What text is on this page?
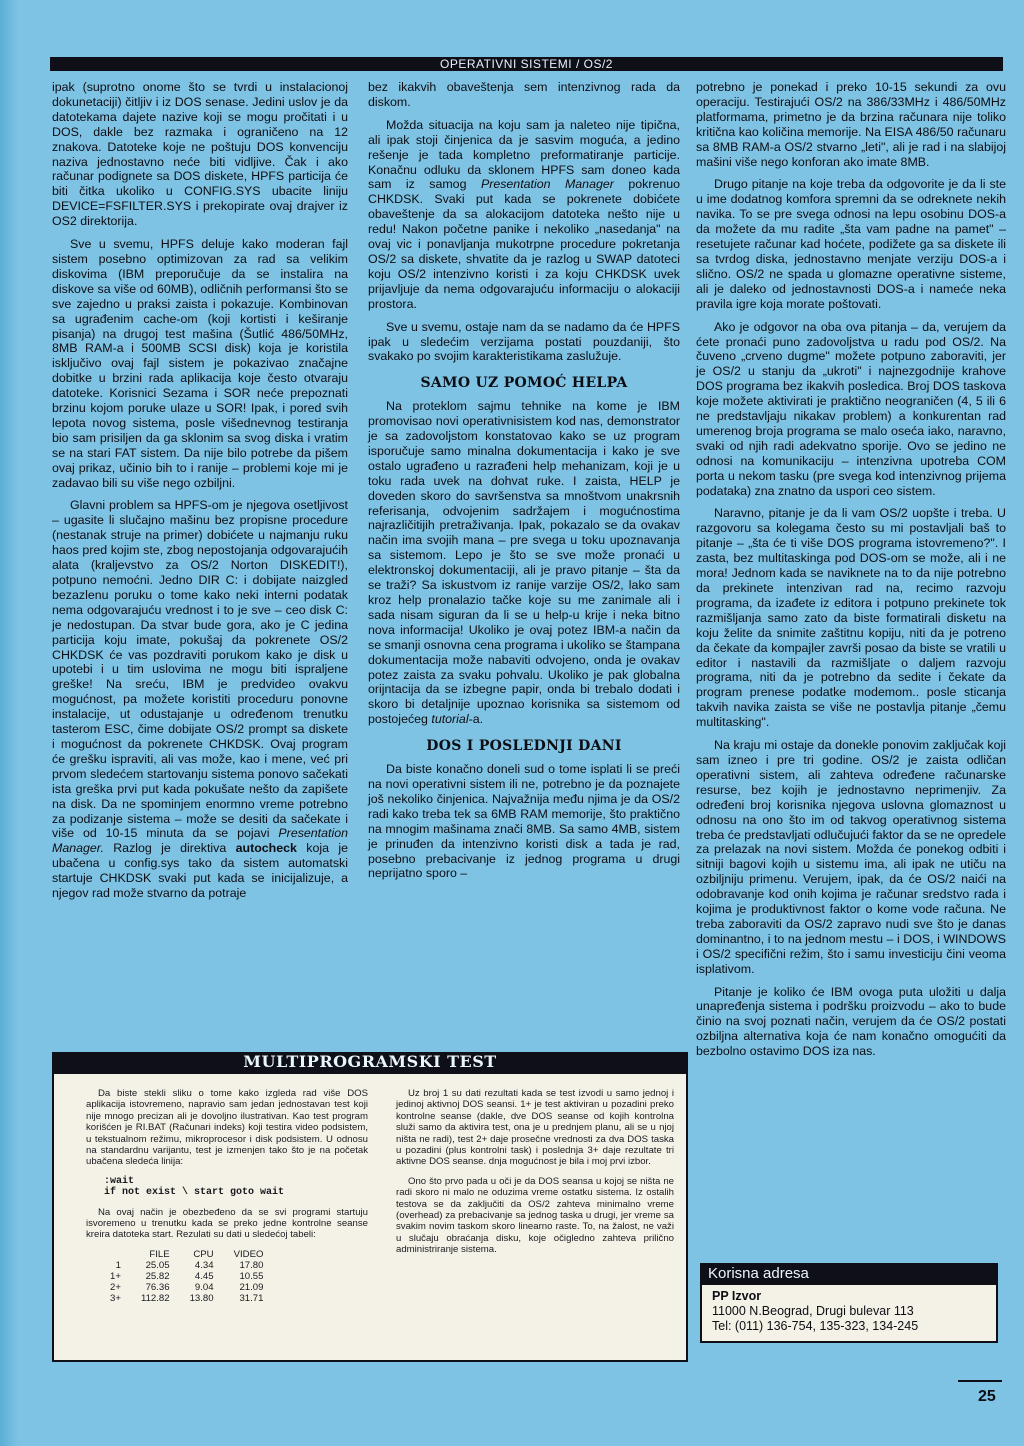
OPERATIVNI SISTEMI / OS/2

ipak (suprotno onome što se tvrdi u instalacionoj dokunetaciji) čitljiv i iz DOS senase. Jedini uslov je da datotekama dajete nazive koji se mogu pročitati i u DOS, dakle bez razmaka i ograničeno na 12 znakova. Datoteke koje ne poštuju DOS konvenciju naziva jednostavno neće biti vidljive. Čak i ako računar podignete sa DOS diskete, HPFS particija će biti čitka ukoliko u CONFIG.SYS ubacite liniju DEVICE=FSFILTER.SYS i prekopirate ovaj drajver iz OS2 direktorija.

Sve u svemu, HPFS deluje kako moderan fajl sistem posebno optimizovan za rad sa velikim diskovima (IBM preporučuje da se instalira na diskove sa više od 60MB), odličnih performansi što se sve zajedno u praksi zaista i pokazuje. Kombinovan sa ugrađenim cache-om (koji kortisti i keširanje pisanja) na drugoj test mašina (Šutlić 486/50MHz, 8MB RAM-a i 500MB SCSI disk) koja je koristila isključivo ovaj fajl sistem je pokazivao značajne dobitke u brzini rada aplikacija koje često otvaraju datoteke. Korisnici Sezama i SOR neće prepoznati brzinu kojom poruke ulaze u SOR! Ipak, i pored svih lepota novog sistema, posle višednevnog testiranja bio sam prisiljen da ga sklonim sa svog diska i vratim se na stari FAT sistem. Da nije bilo potrebe da pišem ovaj prikaz, učinio bih to i ranije – problemi koje mi je zadavao bili su više nego ozbiljni.

Glavni problem sa HPFS-om je njegova osetljivost – ugasite li slučajno mašinu bez propisne procedure (nestanak struje na primer) dobićete u najmanju ruku haos pred kojim ste, zbog nepostojanja odgovarajućih alata (kraljevstvo za OS/2 Norton DISKEDIT!), potpuno nemoćni. Jedno DIR C: i dobijate naizgled bezazlenu poruku o tome kako neki interni podatak nema odgovarajuću vrednost i to je sve – ceo disk C: je nedostupan. Da stvar bude gora, ako je C jedina particija koju imate, pokušaj da pokrenete OS/2 CHKDSK će vas pozdraviti porukom kako je disk u upotebi i u tim uslovima ne mogu biti ispraljene greške! Na sreću, IBM je predvideo ovakvu mogućnost, pa možete koristiti proceduru ponovne instalacije, ut odustajanje u određenom trenutku tasterom ESC, čime dobijate OS/2 prompt sa diskete i mogućnost da pokrenete CHKDSK. Ovaj program će grešku ispraviti, ali vas može, kao i mene, već pri prvom sledećem startovanju sistema ponovo sačekati ista greška prvi put kada pokušate nešto da zapišete na disk. Da ne spominjem enormno vreme potrebno za podizanje sistema – može se desiti da sačekate i više od 10-15 minuta da se pojavi Presentation Manager. Razlog je direktiva autocheck koja je ubačena u config.sys tako da sistem automatski startuje CHKDSK svaki put kada se inicijalizuje, a njegov rad može stvarno da potraje

bez ikakvih obaveštenja sem intenzivnog rada da diskom.

Možda situacija na koju sam ja naleteo nije tipična, ali ipak stoji činjenica da je sasvim moguća, a jedino rešenje je tada kompletno preformatiranje particije. Konačnu odluku da sklonem HPFS sam doneo kada sam iz samog Presentation Manager pokrenuo CHKDSK. Svaki put kada se pokrenete dobićete obaveštenje da sa alokacijom datoteka nešto nije u redu! Nakon početne panike i nekoliko „nasedanja" na ovaj vic i ponavljanja mukotrpne procedure pokretanja OS/2 sa diskete, shvatite da je razlog u SWAP datoteci koju OS/2 intenzivno koristi i za koju CHKDSK uvek prijavljuje da nema odgovarajuću informaciju o alokaciji prostora.

Sve u svemu, ostaje nam da se nadamo da će HPFS ipak u sledećim verzijama postati pouzdaniji, što svakako po svojim karakteristikama zaslužuje.

SAMO UZ POMOĆ HELPA

Na proteklom sajmu tehnike na kome je IBM promovisao novi operativnisistem kod nas, demonstrator je sa zadovoljstom konstatovao kako se uz program isporučuje samo minalna dokumentacija i kako je sve ostalo ugrađeno u razrađeni help mehanizam, koji je u toku rada uvek na dohvat ruke. I zaista, HELP je doveden skoro do savršenstva sa mnoštvom unakrsnih referisanja, odvojenim sadržajem i mogućnostima najrazličitijih pretraživanja. Ipak, pokazalo se da ovakav način ima svojih mana – pre svega u toku upoznavanja sa sistemom. Lepo je što se sve može pronaći u elektronskoj dokumentaciji, ali je pravo pitanje – šta da se traži? Sa iskustvom iz ranije varzije OS/2, lako sam kroz help pronalazio tačke koje su me zanimale ali i sada nisam siguran da li se u help-u krije i neka bitno nova informacija! Ukoliko je ovaj potez IBM-a način da se smanji osnovna cena programa i ukoliko se štampana dokumentacija može nabaviti odvojeno, onda je ovakav potez zaista za svaku pohvalu. Ukoliko je pak globalna orijntacija da se izbegne papir, onda bi trebalo dodati i skoro bi detaljnije upoznao korisnika sa sistemom od postojećeg tutorial-a.

DOS I POSLEDNJI DANI

Da biste konačno doneli sud o tome isplati li se preći na novi operativni sistem ili ne, potrebno je da poznajete još nekoliko činjenica. Najvažnija među njima je da OS/2 radi kako treba tek sa 6MB RAM memorije, što praktično na mnogim mašinama znači 8MB. Sa samo 4MB, sistem je prinuđen da intenzivno koristi disk a tada je rad, posebno prebacivanje iz jednog programa u drugi neprijatno sporo –

potrebno je ponekad i preko 10-15 sekundi za ovu operaciju. Testirajući OS/2 na 386/33MHz i 486/50MHz platformama, primetno je da brzina računara nije toliko kritična kao količina memorije. Na EISA 486/50 računaru sa 8MB RAM-a OS/2 stvarno „leti", ali je rad i na slabijoj mašini više nego konforan ako imate 8MB.

Drugo pitanje na koje treba da odgovorite je da li ste u ime dodatnog komfora spremni da se odreknete nekih navika. To se pre svega odnosi na lepu osobinu DOS-a da možete da mu radite „šta vam padne na pamet" – resetujete računar kad hoćete, podižete ga sa diskete ili sa tvrdog diska, jednostavno menjate verziju DOS-a i slično. OS/2 ne spada u glomazne operativne sisteme, ali je daleko od jednostavnosti DOS-a i nameće neka pravila igre koja morate poštovati.

Ako je odgovor na oba ova pitanja – da, verujem da ćete pronaći puno zadovoljstva u radu pod OS/2. Na čuveno „crveno dugme" možete potpuno zaboraviti, jer je OS/2 u stanju da „ukroti" i najnezgodnije krahove DOS programa bez ikakvih posledica. Broj DOS taskova koje možete aktivirati je praktično neograničen (4, 5 ili 6 ne predstavljaju nikakav problem) a konkurentan rad umerenog broja programa se malo oseća iako, naravno, svaki od njih radi adekvatno sporije. Ovo se jedino ne odnosi na komunikaciju – intenzivna upotreba COM porta u nekom tasku (pre svega kod intenzivnog prijema podataka) zna znatno da uspori ceo sistem.

Naravno, pitanje je da li vam OS/2 uopšte i treba. U razgovoru sa kolegama često su mi postavljali baš to pitanje – „šta će ti više DOS programa istovremeno?". I zasta, bez multitaskinga pod DOS-om se može, ali i ne mora! Jednom kada se naviknete na to da nije potrebno da prekinete intenzivan rad na, recimo razvoju programa, da izađete iz editora i potpuno prekinete tok razmišljanja samo zato da biste formatirali disketu na koju želite da snimite zaštitnu kopiju, niti da je potreno da čekate da kompajler završi posao da biste se vratili u editor i nastavili da razmišljate o daljem razvoju programa, niti da je potrebno da sedite i čekate da program prenese podatke modemom.. posle sticanja takvih navika zaista se više ne postavlja pitanje „čemu multitasking".

Na kraju mi ostaje da donekle ponovim zaključak koji sam izneo i pre tri godine. OS/2 je zaista odličan operativni sistem, ali zahteva određene računarske resurse, bez kojih je jednostavno neprimenjiv. Za određeni broj korisnika njegova uslovna glomaznost u odnosu na ono što im od takvog operativnog sistema treba će predstavljati odlučujući faktor da se ne opredele za prelazak na novi sistem. Možda će ponekog odbiti i sitniji bagovi kojih u sistemu ima, ali ipak ne utiču na ozbiljniju primenu. Verujem, ipak, da će OS/2 naići na odobravanje kod onih kojima je računar sredstvo rada i kojima je produktivnost faktor o kome vode računa. Ne treba zaboraviti da OS/2 zapravo nudi sve što je danas dominantno, i to na jednom mestu – i DOS, i WINDOWS i OS/2 specifični režim, što i samu investiciju čini veoma isplativom.

Pitanje je koliko će IBM ovoga puta uložiti u dalja unapređenja sistema i podršku proizvodu – ako to bude činio na svoj poznati način, verujem da će OS/2 postati ozbiljna alternativa koja će nam konačno omogućiti da bezbolno ostavimo DOS iza nas.

MULTIPROGRAMSKI TEST

Da biste stekli sliku o tome kako izgleda rad više DOS aplikacija istovremeno, napravio sam jedan jednostavan test koji nije mnogo precizan ali je dovoljno ilustrativan. Kao test program korišćen je RI.BAT (Računari indeks) koji testira video podsistem, u tekstualnom režimu, mikroprocesor i disk podsistem. U odnosu na standardnu varijantu, test je izmenjen tako što je na početak ubačena sledeća linija:

:wait
if not exist \ start goto wait

Na ovaj način je obezbeđeno da se svi programi startuju isvoremeno u trenutku kada se preko jedne kontrolne seanse kreira datoteka start. Rezulati su dati u sledećoj tabeli:

	FILE	CPU	VIDEO
1	25.05	4.34	17.80
1+	25.82	4.45	10.55
2+	76.36	9.04	21.09
3+	112.82	13.80	31.71

Uz broj 1 su dati rezultati kada se test izvodi u samo jednoj i jedinoj aktivnoj DOS seansi. 1+ je test aktiviran u pozadini preko kontrolne seanse (dakle, dve DOS seanse od kojih kontrolna služi samo da aktivira test, ona je u prednjem planu, ali se u njoj ništa ne radi), test 2+ daje prosečne vrednosti za dva DOS taska u pozadini (plus kontrolni task) i poslednja 3+ daje rezultate tri aktivne DOS seanse. dnja mogućnost je bila i moj prvi izbor.

Ono što prvo pada u oči je da DOS seansa u kojoj se ništa ne radi skoro ni malo ne oduzima vreme ostatku sistema. Iz ostalih testova se da zaključiti da OS/2 zahteva minimalno vreme (overhead) za prebacivanje sa jednog taska u drugi, jer vreme sa svakim novim taskom skoro linearno raste. To, na žalost, ne važi u slučaju obraćanja disku, koje očigledno zahteva prilično administriranje sistema.

Korisna adresa
PP Izvor
11000 N.Beograd, Drugi bulevar 113
Tel: (011) 136-754, 135-323, 134-245
25
